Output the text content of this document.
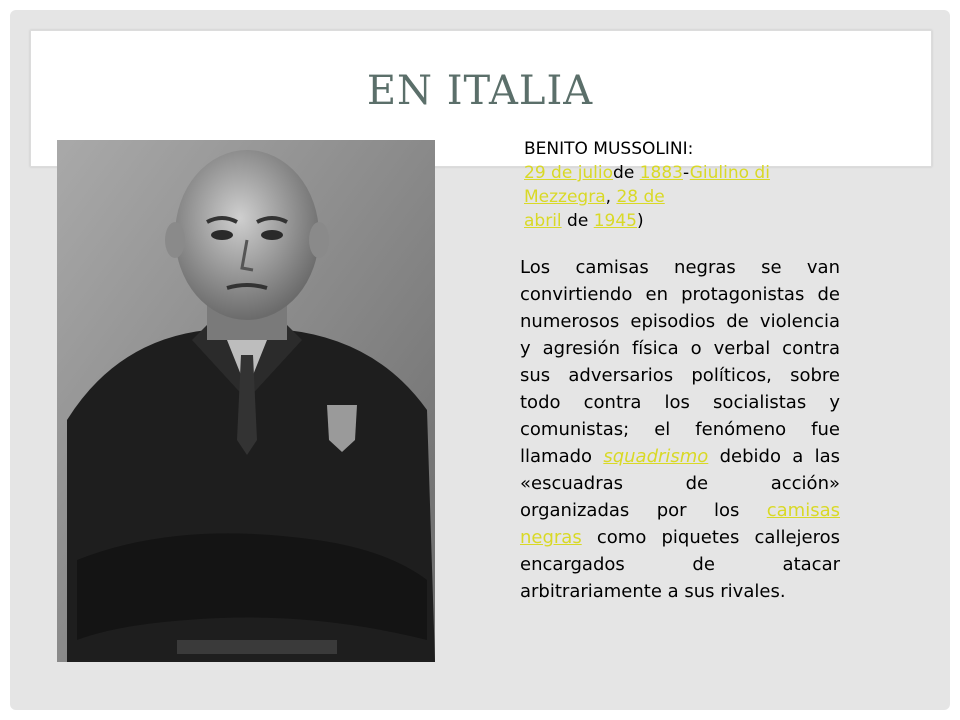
EN ITALIA
BENITO MUSSOLINI:
29 de juliode 1883-Giulino di
Mezzegra, 28 de
abril de 1945)

Los camisas negras se van convirtiendo en protagonistas de numerosos episodios de violencia y agresión física o verbal contra sus adversarios políticos, sobre todo contra los socialistas y comunistas; el fenómeno fue llamado squadrismo debido a las «escuadras de acción» organizadas por los camisas negras como piquetes callejeros encargados de atacar arbitrariamente a sus rivales.
